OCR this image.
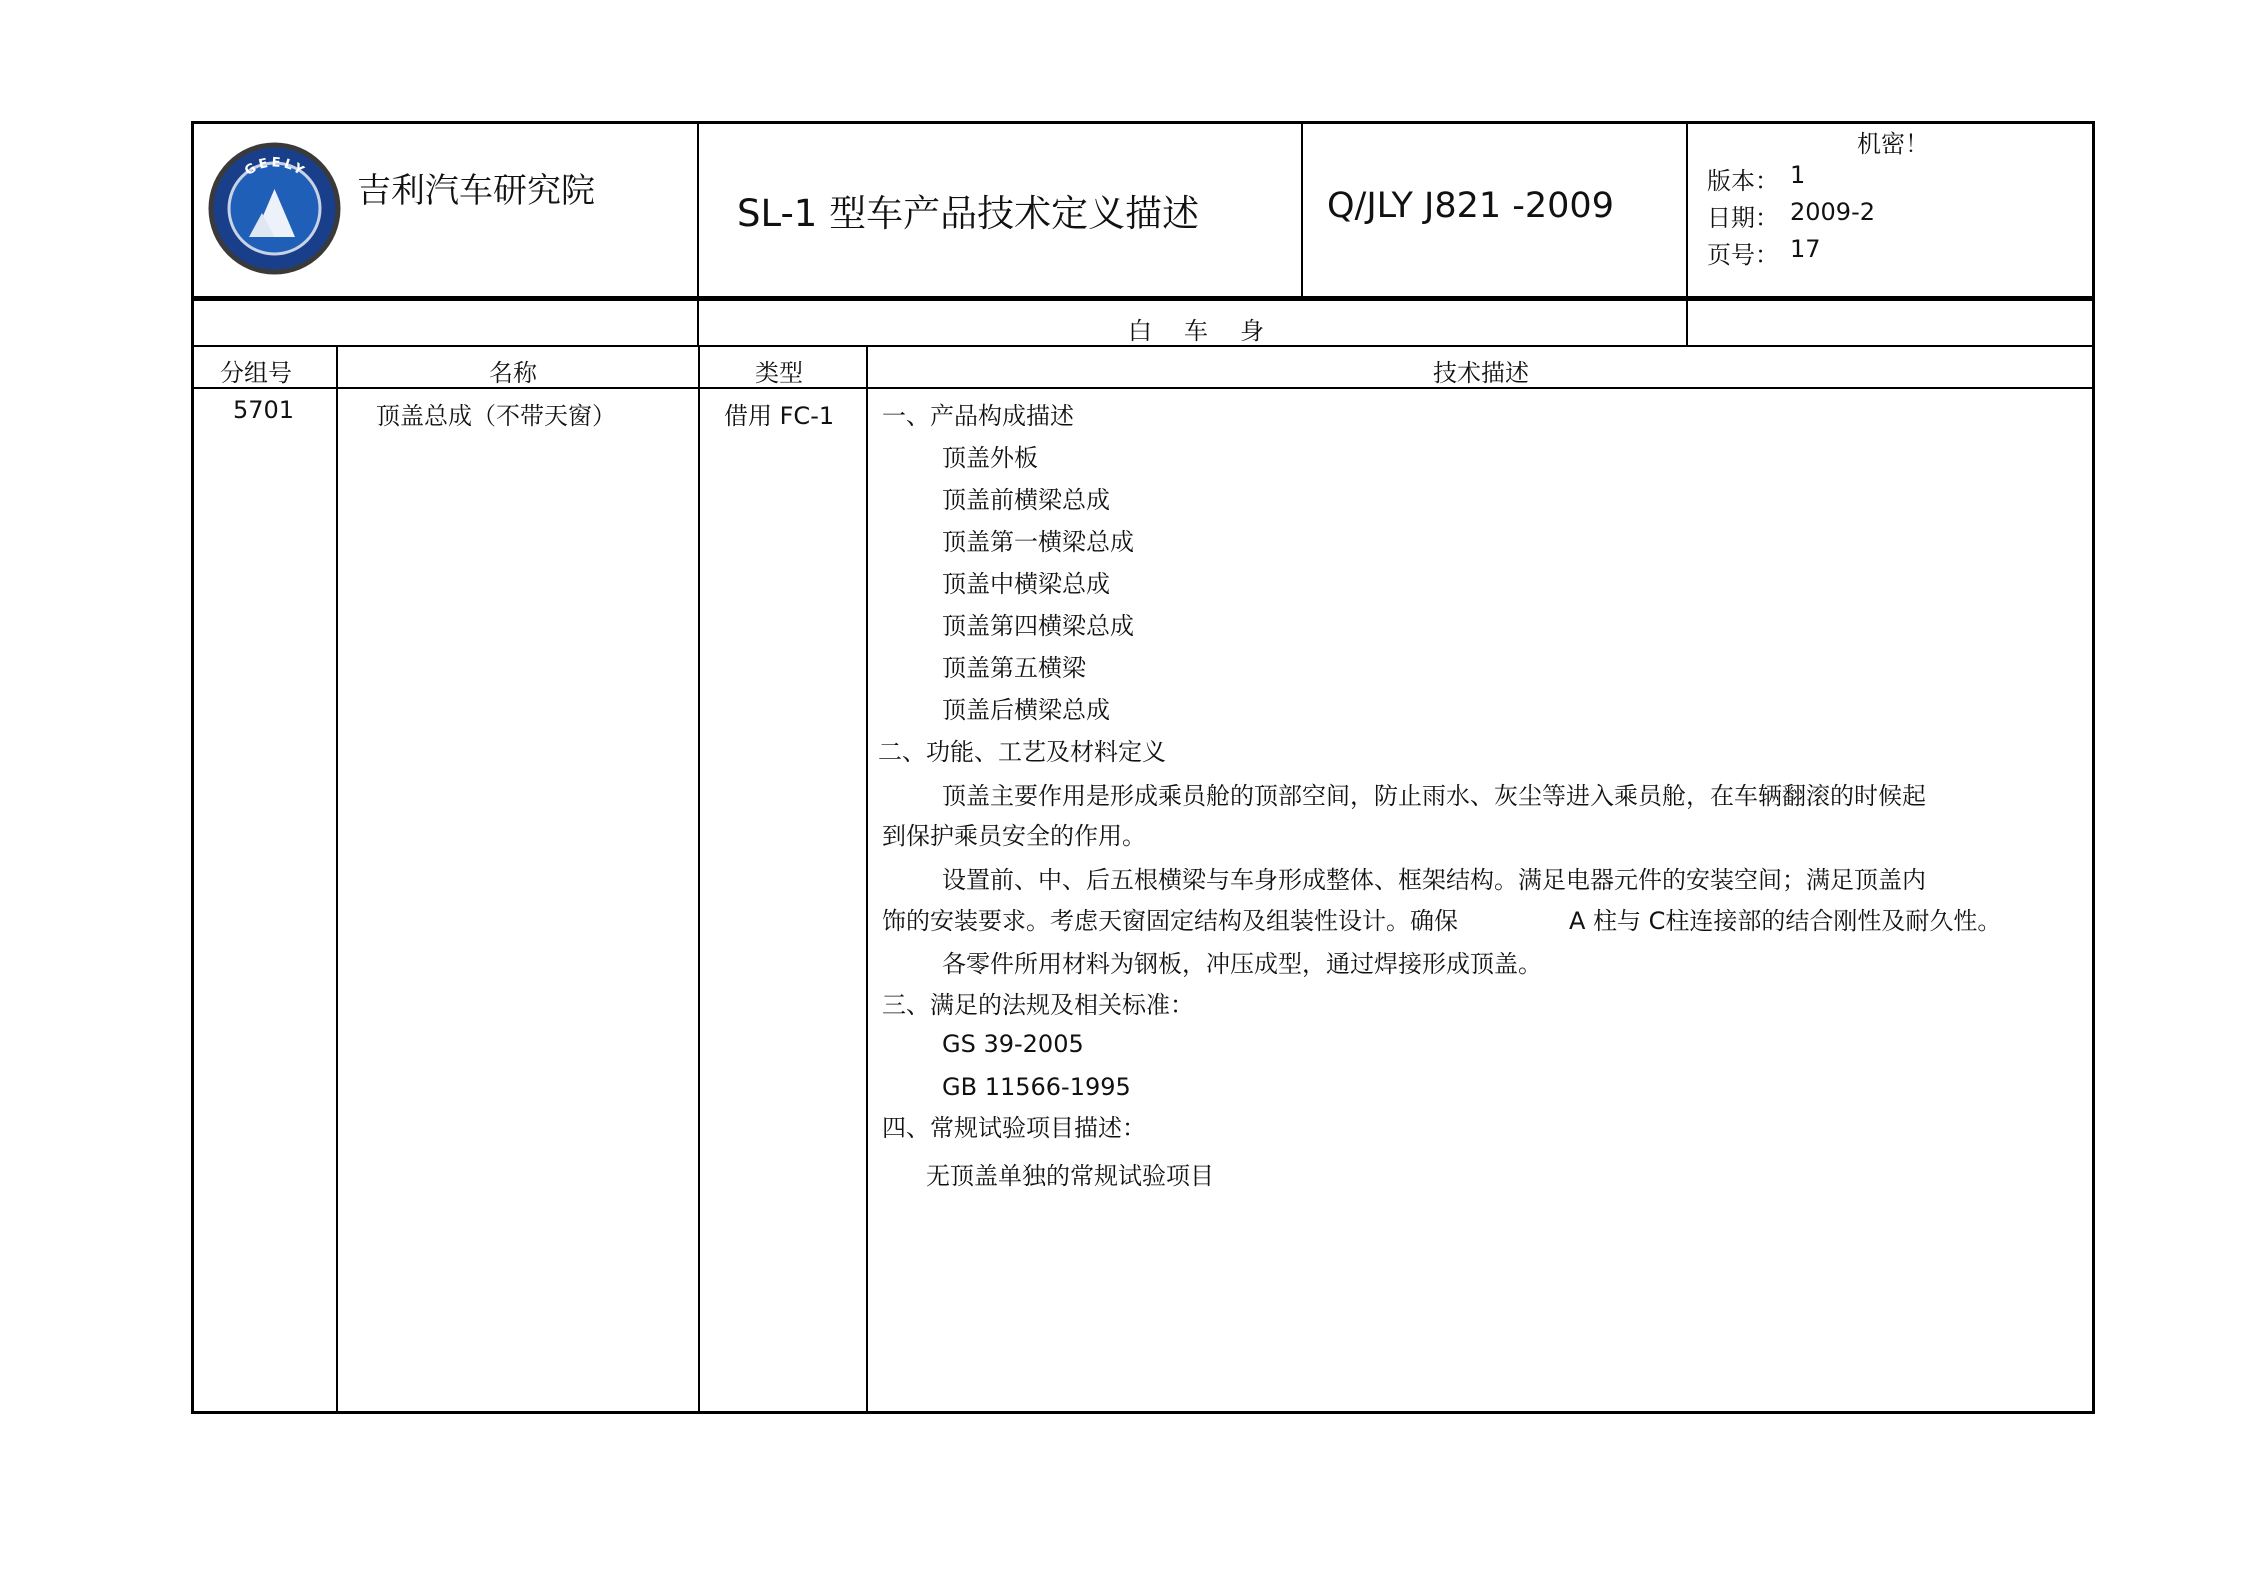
GEELY
吉利汽车研究院
SL-1 型车产品技术定义描述	Q/JLY J821 -2009
机密！
版本： 1
日期： 2009-2
页号： 17
白 车 身
分组号	名称	类型	技术描述
5701	顶盖总成（不带天窗）	借用 FC-1 一、产品构成描述
顶盖外板
顶盖前横梁总成
顶盖第一横梁总成
顶盖中横梁总成
顶盖第四横梁总成
顶盖第五横梁
顶盖后横梁总成
二、功能、工艺及材料定义
顶盖主要作用是形成乘员舱的顶部空间，防止雨水、灰尘等进入乘员舱，在车辆翻滚的时候起
到保护乘员安全的作用。
设置前、中、后五根横梁与车身形成整体、框架结构。满足电器元件的安装空间；满足顶盖内
饰的安装要求。考虑天窗固定结构及组装性设计。确保	A 柱与 C柱连接部的结合刚性及耐久性。
各零件所用材料为钢板，冲压成型，通过焊接形成顶盖。
三、满足的法规及相关标准：
GS 39-2005
GB 11566-1995
四、常规试验项目描述：
无顶盖单独的常规试验项目
